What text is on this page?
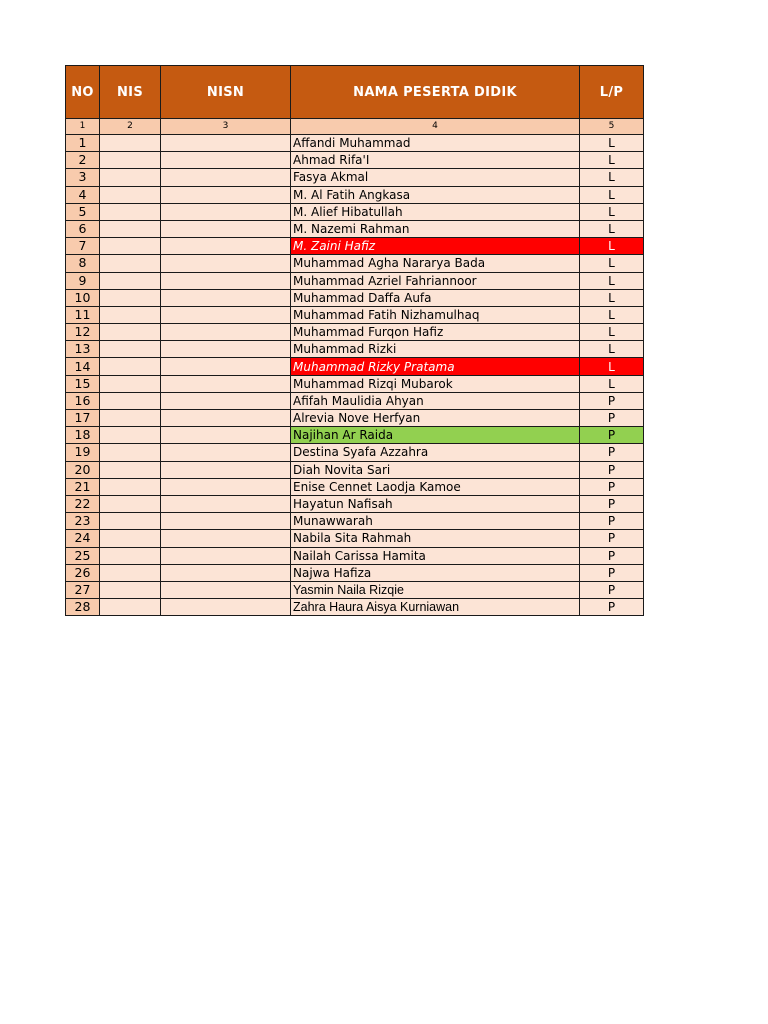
NO	NIS	NISN	NAMA PESERTA DIDIK	L/P
1	2	3	4	5
1			Affandi Muhammad	L
2			Ahmad Rifa'I	L
3			Fasya Akmal	L
4			M. Al Fatih Angkasa	L
5			M. Alief Hibatullah	L
6			M. Nazemi Rahman	L
7			M. Zaini Hafiz	L
8			Muhammad Agha Nararya Bada	L
9			Muhammad Azriel Fahriannoor	L
10			Muhammad Daffa Aufa	L
11			Muhammad Fatih Nizhamulhaq	L
12			Muhammad Furqon Hafiz	L
13			Muhammad Rizki	L
14			Muhammad Rizky Pratama	L
15			Muhammad Rizqi Mubarok	L
16			Afifah Maulidia Ahyan	P
17			Alrevia Nove Herfyan	P
18			Najihan Ar Raida	P
19			Destina Syafa Azzahra	P
20			Diah Novita Sari	P
21			Enise Cennet Laodja Kamoe	P
22			Hayatun Nafisah	P
23			Munawwarah	P
24			Nabila Sita Rahmah	P
25			Nailah Carissa Hamita	P
26			Najwa Hafiza	P
27			Yasmin Naila Rizqie	P
28			Zahra Haura Aisya Kurniawan	P
